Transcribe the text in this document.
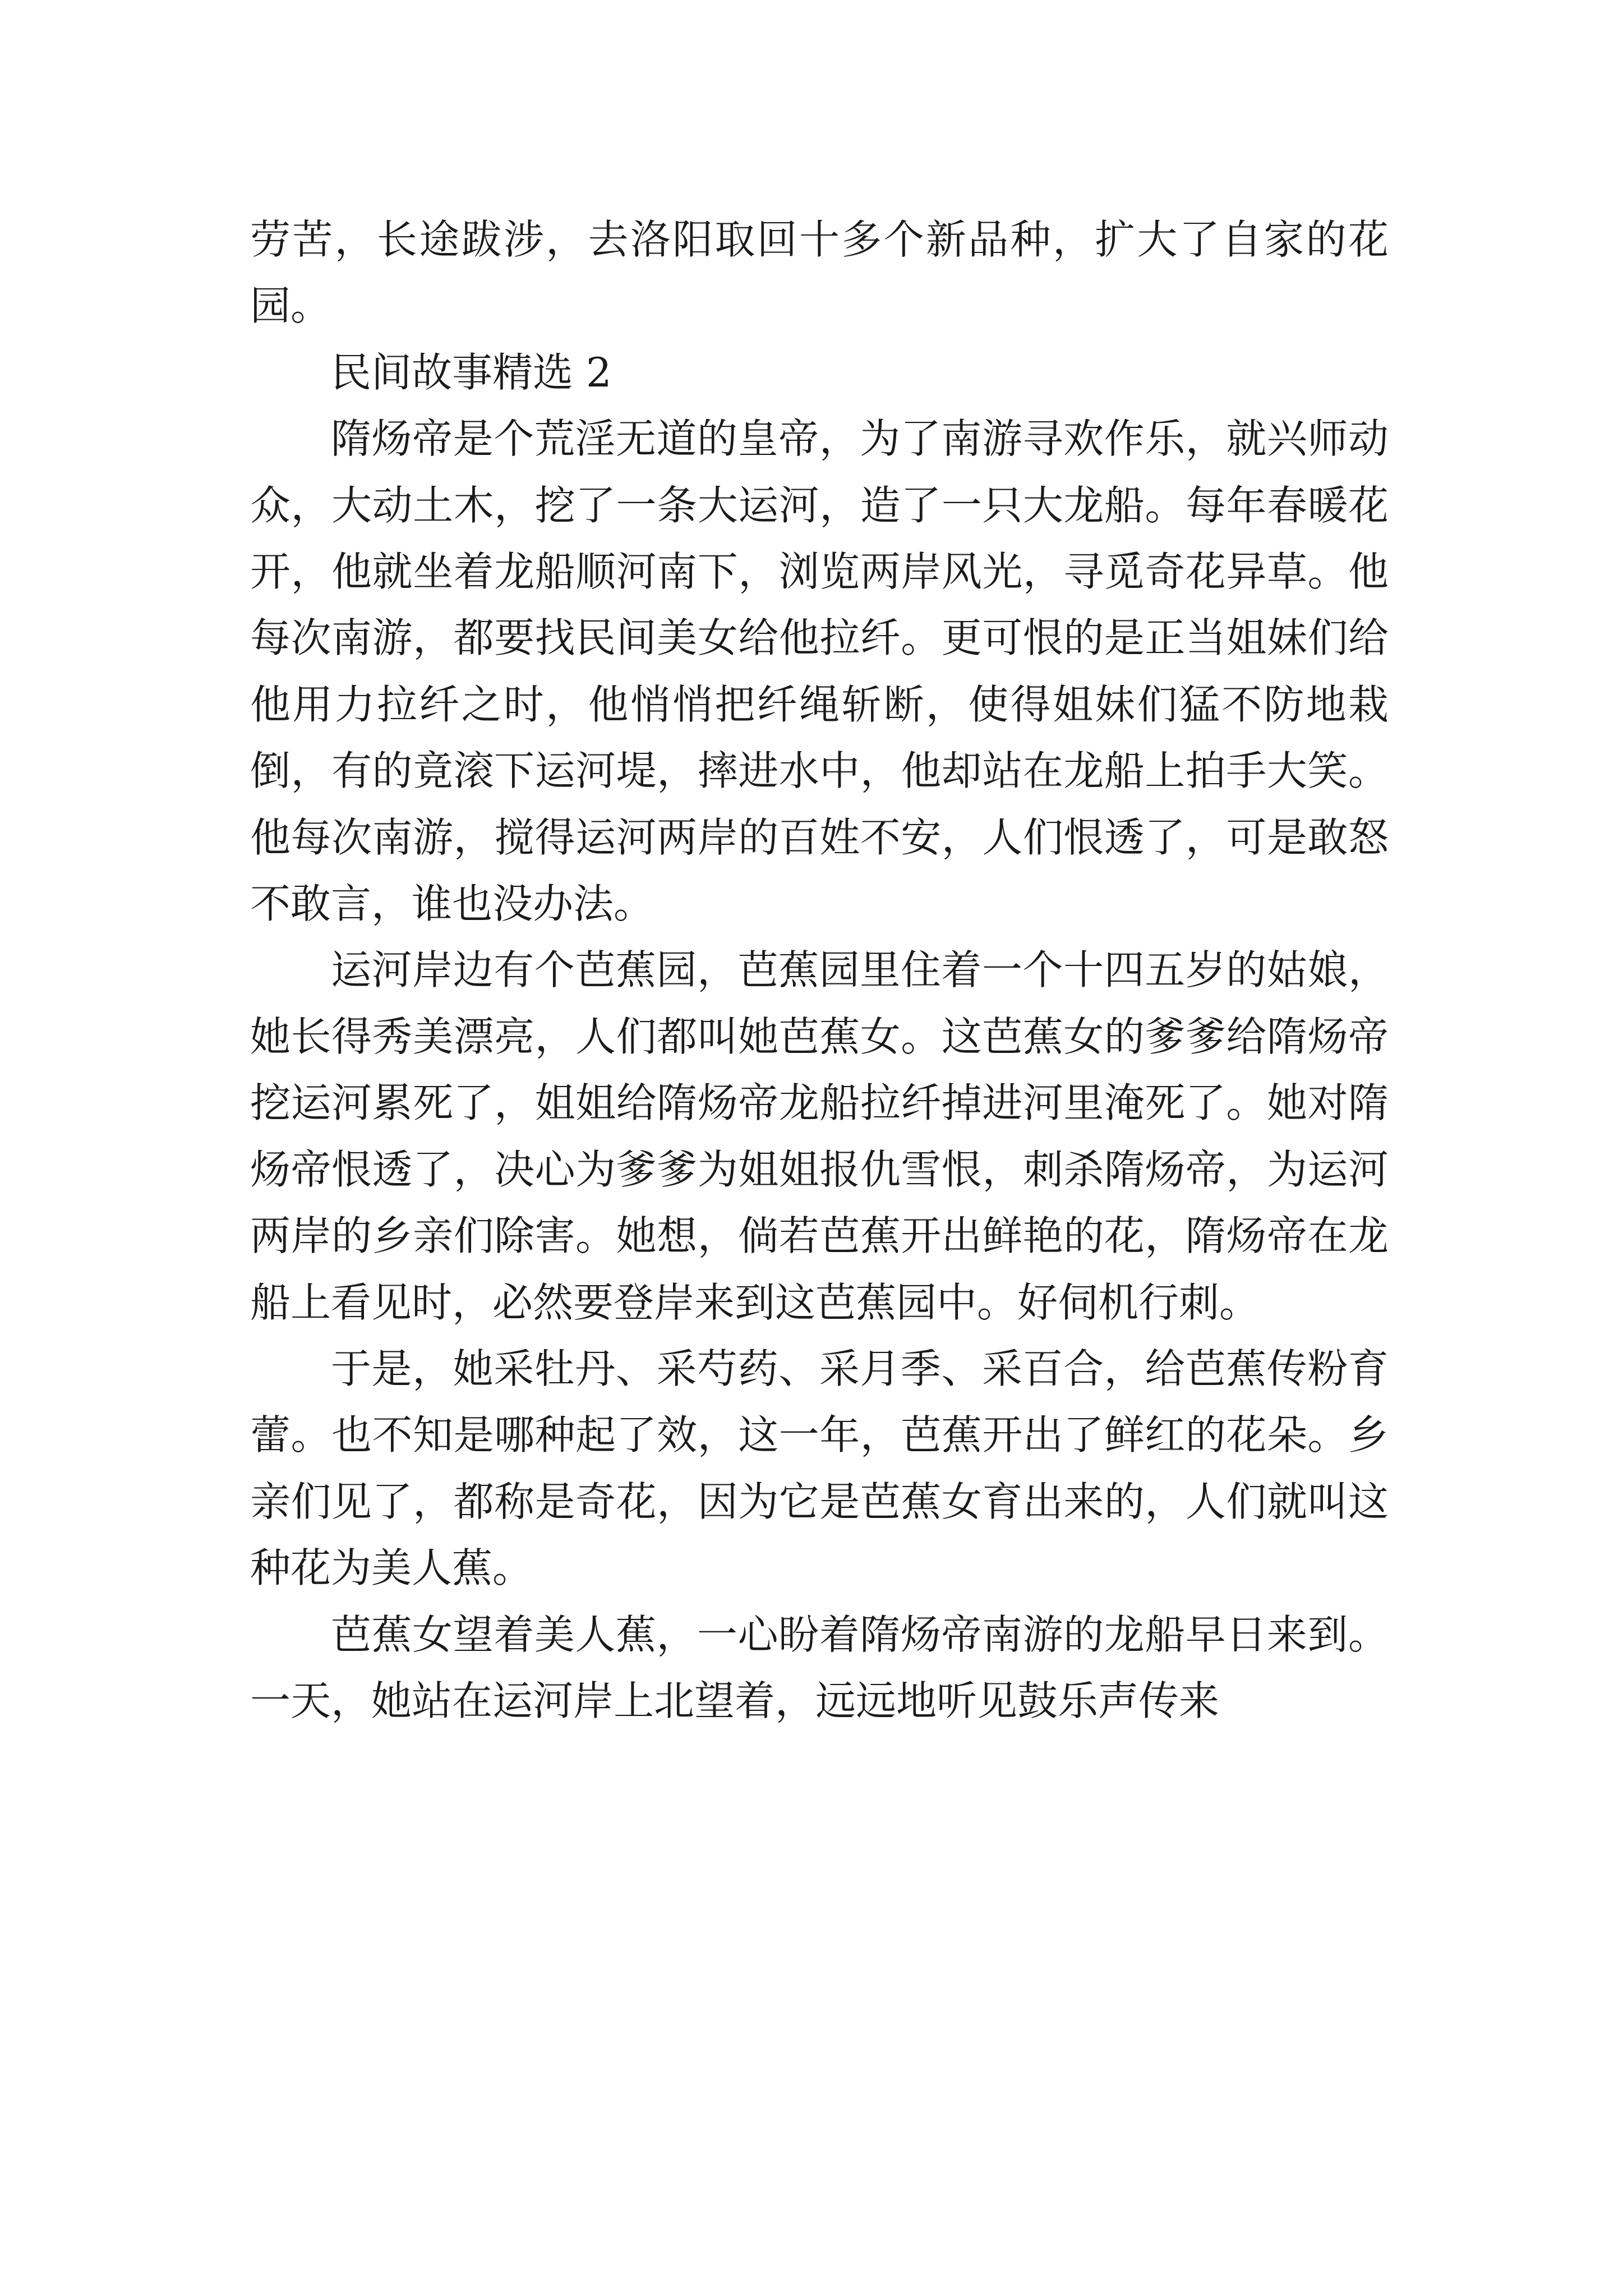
劳苦，长途跋涉，去洛阳取回十多个新品种，扩大了自家的花园。

民间故事精选 2

隋炀帝是个荒淫无道的皇帝，为了南游寻欢作乐，就兴师动众，大动土木，挖了一条大运河，造了一只大龙船。每年春暖花开，他就坐着龙船顺河南下，浏览两岸风光，寻觅奇花异草。他每次南游，都要找民间美女给他拉纤。更可恨的是正当姐妹们给他用力拉纤之时，他悄悄把纤绳斩断，使得姐妹们猛不防地栽倒，有的竟滚下运河堤，摔进水中，他却站在龙船上拍手大笑。他每次南游，搅得运河两岸的百姓不安，人们恨透了，可是敢怒不敢言，谁也没办法。

运河岸边有个芭蕉园，芭蕉园里住着一个十四五岁的姑娘，她长得秀美漂亮，人们都叫她芭蕉女。这芭蕉女的爹爹给隋炀帝挖运河累死了，姐姐给隋炀帝龙船拉纤掉进河里淹死了。她对隋炀帝恨透了，决心为爹爹为姐姐报仇雪恨，刺杀隋炀帝，为运河两岸的乡亲们除害。她想，倘若芭蕉开出鲜艳的花，隋炀帝在龙船上看见时，必然要登岸来到这芭蕉园中。好伺机行刺。

于是，她采牡丹、采芍药、采月季、采百合，给芭蕉传粉育蕾。也不知是哪种起了效，这一年，芭蕉开出了鲜红的花朵。乡亲们见了，都称是奇花，因为它是芭蕉女育出来的，人们就叫这种花为美人蕉。

芭蕉女望着美人蕉，一心盼着隋炀帝南游的龙船早日来到。一天，她站在运河岸上北望着，远远地听见鼓乐声传来
